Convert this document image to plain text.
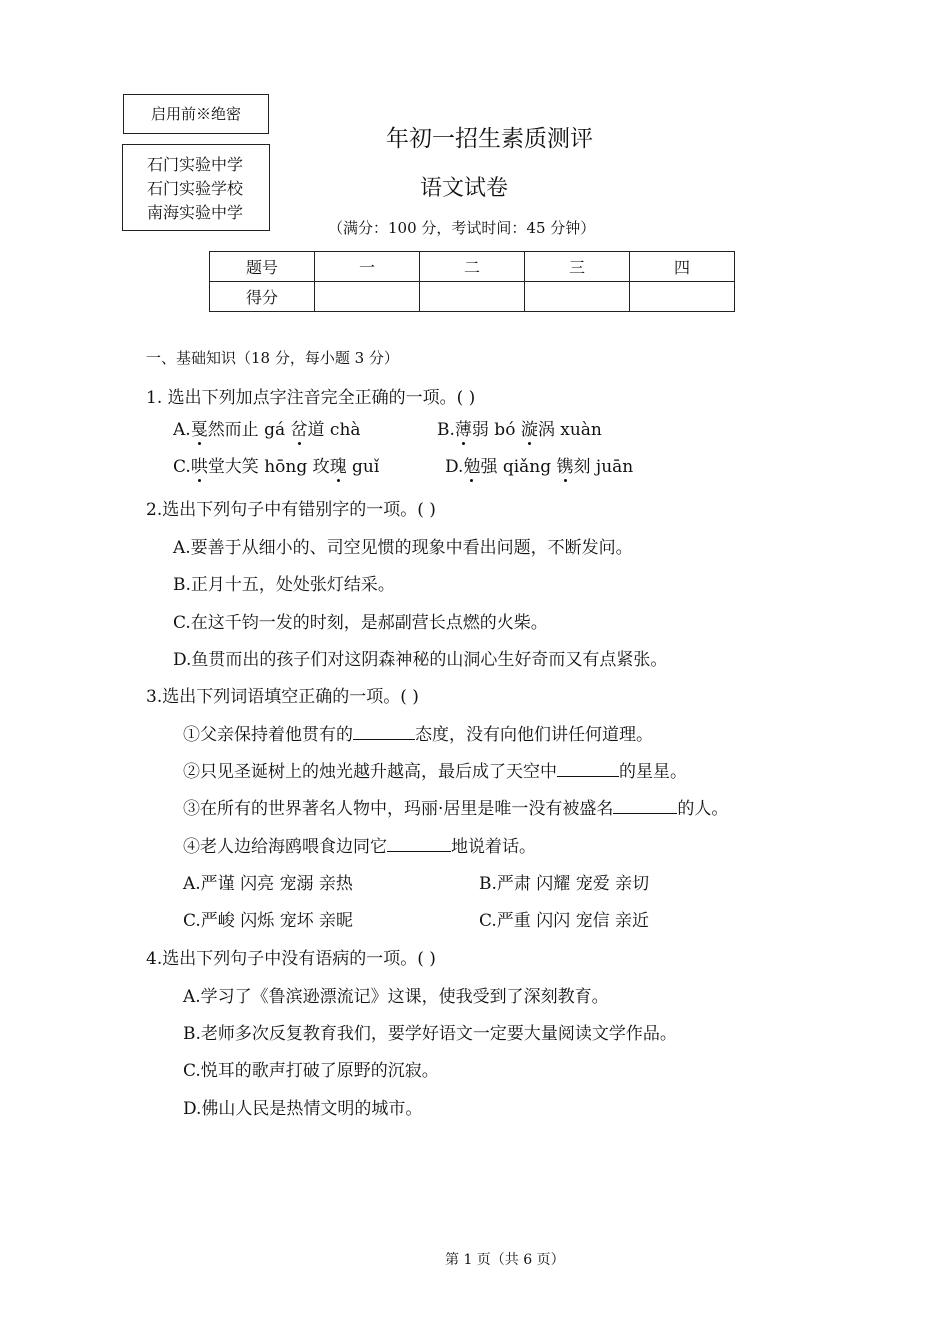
启用前※绝密
石门实验中学
石门实验学校
南海实验中学
年初一招生素质测评
语文试卷
（满分：100 分，考试时间：45 分钟）
题号	一	二	三	四
得分				
一、基础知识（18 分，每小题 3 分）
1. 选出下列加点字注音完全正确的一项。( )
A.戛然而止 gá 岔道 chà	B.薄弱 bó 漩涡 xuàn
C.哄堂大笑 hōng 玫瑰 guǐ	D.勉强 qiǎng 镌刻 juān
2.选出下列句子中有错别字的一项。( )
A.要善于从细小的、司空见惯的现象中看出问题，不断发问。
B.正月十五，处处张灯结采。
C.在这千钧一发的时刻，是郝副营长点燃的火柴。
D.鱼贯而出的孩子们对这阴森神秘的山洞心生好奇而又有点紧张。
3.选出下列词语填空正确的一项。( )
①父亲保持着他贯有的	态度，没有向他们讲任何道理。
②只见圣诞树上的烛光越升越高，最后成了天空中	的星星。
③在所有的世界著名人物中，玛丽·居里是唯一没有被盛名	的人。
④老人边给海鸥喂食边同它	地说着话。
A.严谨 闪亮 宠溺 亲热	B.严肃 闪耀 宠爱 亲切
C.严峻 闪烁 宠坏 亲昵	C.严重 闪闪 宠信 亲近
4.选出下列句子中没有语病的一项。( )
A.学习了《鲁滨逊漂流记》这课，使我受到了深刻教育。
B.老师多次反复教育我们，要学好语文一定要大量阅读文学作品。
C.悦耳的歌声打破了原野的沉寂。
D.佛山人民是热情文明的城市。
第 1 页（共 6 页）
